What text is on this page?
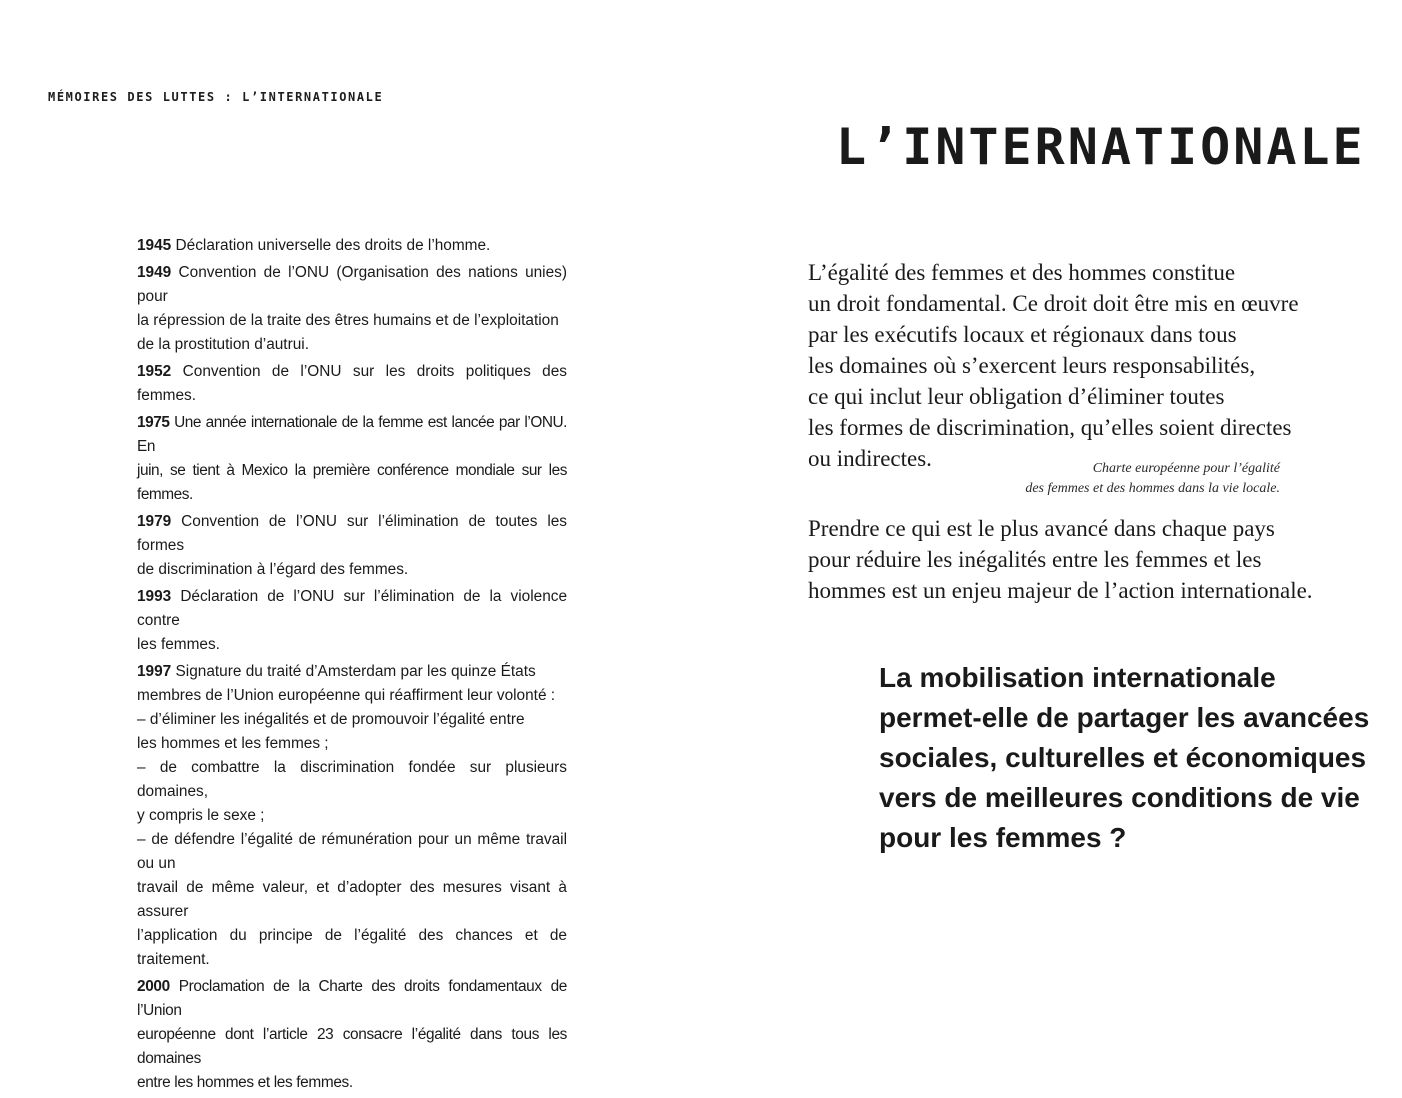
MÉMOIRES DES LUTTES : L’INTERNATIONALE
L’INTERNATIONALE
1945 Déclaration universelle des droits de l’homme.
1949 Convention de l’ONU (Organisation des nations unies) pour
la répression de la traite des êtres humains et de l’exploitation
de la prostitution d’autrui.
1952 Convention de l’ONU sur les droits politiques des femmes.
1975 Une année internationale de la femme est lancée par l’ONU. En
juin, se tient à Mexico la première conférence mondiale sur les femmes.
1979 Convention de l’ONU sur l’élimination de toutes les formes
de discrimination à l’égard des femmes.
1993 Déclaration de l’ONU sur l’élimination de la violence contre
les femmes.
1997 Signature du traité d’Amsterdam par les quinze États
membres de l’Union européenne qui réaffirment leur volonté :
– d’éliminer les inégalités et de promouvoir l’égalité entre
les hommes et les femmes ;
– de combattre la discrimination fondée sur plusieurs domaines,
y compris le sexe ;
– de défendre l’égalité de rémunération pour un même travail ou un
travail de même valeur, et d’adopter des mesures visant à assurer
l’application du principe de l’égalité des chances et de traitement.
2000 Proclamation de la Charte des droits fondamentaux de l’Union
européenne dont l’article 23 consacre l’égalité dans tous les domaines
entre les hommes et les femmes.
L’égalité des femmes et des hommes constitue
un droit fondamental. Ce droit doit être mis en œuvre
par les exécutifs locaux et régionaux dans tous
les domaines où s’exercent leurs responsabilités,
ce qui inclut leur obligation d’éliminer toutes
les formes de discrimination, qu’elles soient directes
ou indirectes.	Charte européenne pour l’égalité
des femmes et des hommes dans la vie locale.
Prendre ce qui est le plus avancé dans chaque pays
pour réduire les inégalités entre les femmes et les
hommes est un enjeu majeur de l’action internationale.
La mobilisation internationale
permet-elle de partager les avancées
sociales, culturelles et économiques
vers de meilleures conditions de vie
pour les femmes ?
